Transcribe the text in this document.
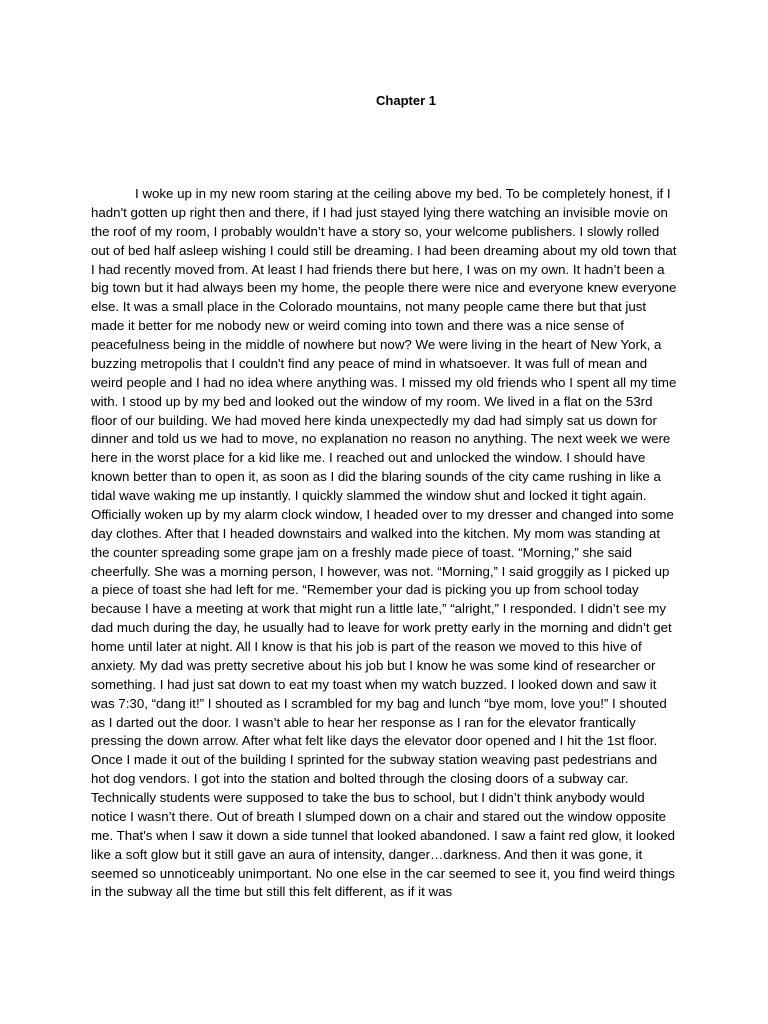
Chapter 1

I woke up in my new room staring at the ceiling above my bed. To be completely honest, if I hadn't gotten up right then and there, if I had just stayed lying there watching an invisible movie on the roof of my room, I probably wouldn’t have a story so, your welcome publishers. I slowly rolled out of bed half asleep wishing I could still be dreaming. I had been dreaming about my old town that I had recently moved from. At least I had friends there but here, I was on my own. It hadn’t been a big town but it had always been my home, the people there were nice and everyone knew everyone else. It was a small place in the Colorado mountains, not many people came there but that just made it better for me nobody new or weird coming into town and there was a nice sense of peacefulness being in the middle of nowhere but now? We were living in the heart of New York, a buzzing metropolis that I couldn't find any peace of mind in whatsoever. It was full of mean and weird people and I had no idea where anything was. I missed my old friends who I spent all my time with. I stood up by my bed and looked out the window of my room. We lived in a flat on the 53rd floor of our building. We had moved here kinda unexpectedly my dad had simply sat us down for dinner and told us we had to move, no explanation no reason no anything. The next week we were here in the worst place for a kid like me. I reached out and unlocked the window. I should have known better than to open it, as soon as I did the blaring sounds of the city came rushing in like a tidal wave waking me up instantly. I quickly slammed the window shut and locked it tight again. Officially woken up by my alarm clock window, I headed over to my dresser and changed into some day clothes. After that I headed downstairs and walked into the kitchen. My mom was standing at the counter spreading some grape jam on a freshly made piece of toast. “Morning,” she said cheerfully. She was a morning person, I however, was not. “Morning,” I said groggily as I picked up a piece of toast she had left for me. “Remember your dad is picking you up from school today because I have a meeting at work that might run a little late,” “alright,” I responded. I didn’t see my dad much during the day, he usually had to leave for work pretty early in the morning and didn’t get home until later at night. All I know is that his job is part of the reason we moved to this hive of anxiety. My dad was pretty secretive about his job but I know he was some kind of researcher or something. I had just sat down to eat my toast when my watch buzzed. I looked down and saw it was 7:30, “dang it!” I shouted as I scrambled for my bag and lunch “bye mom, love you!” I shouted as I darted out the door. I wasn’t able to hear her response as I ran for the elevator frantically pressing the down arrow. After what felt like days the elevator door opened and I hit the 1st floor. Once I made it out of the building I sprinted for the subway station weaving past pedestrians and hot dog vendors. I got into the station and bolted through the closing doors of a subway car. Technically students were supposed to take the bus to school, but I didn’t think anybody would notice I wasn’t there. Out of breath I slumped down on a chair and stared out the window opposite me. That's when I saw it down a side tunnel that looked abandoned. I saw a faint red glow, it looked like a soft glow but it still gave an aura of intensity, danger…darkness. And then it was gone, it seemed so unnoticeably unimportant. No one else in the car seemed to see it, you find weird things in the subway all the time but still this felt different, as if it was
